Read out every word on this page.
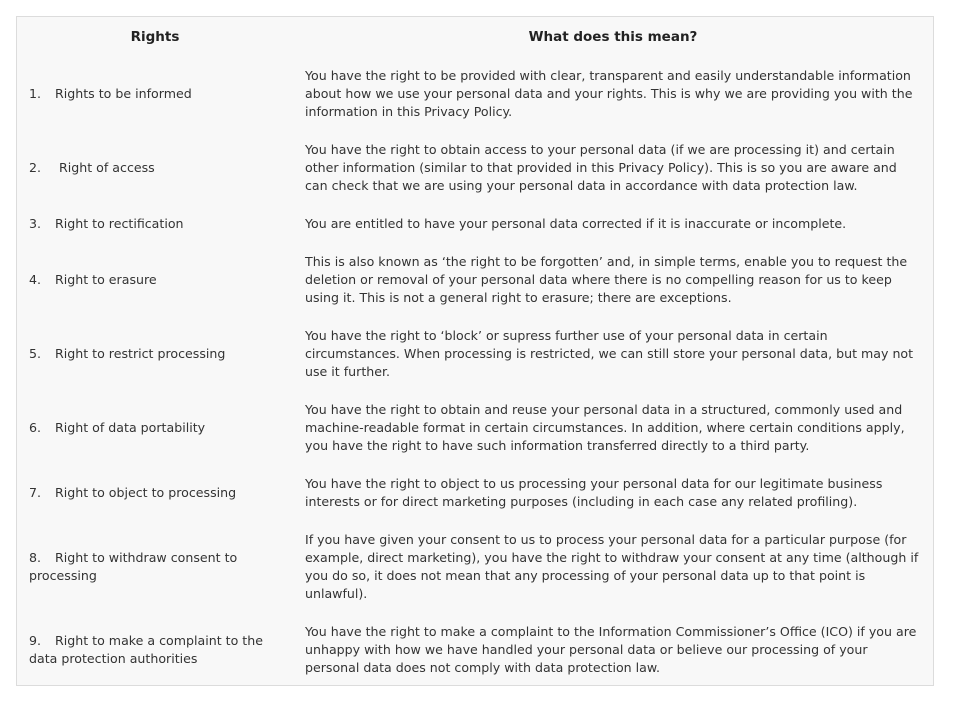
Rights	What does this mean?
1. Rights to be informed	You have the right to be provided with clear, transparent and easily understandable information about how we use your personal data and your rights. This is why we are providing you with the information in this Privacy Policy.
2. Right of access	You have the right to obtain access to your personal data (if we are processing it) and certain other information (similar to that provided in this Privacy Policy). This is so you are aware and can check that we are using your personal data in accordance with data protection law.
3. Right to rectification	You are entitled to have your personal data corrected if it is inaccurate or incomplete.
4. Right to erasure	This is also known as ‘the right to be forgotten’ and, in simple terms, enable you to request the deletion or removal of your personal data where there is no compelling reason for us to keep using it. This is not a general right to erasure; there are exceptions.
5. Right to restrict processing	You have the right to ‘block’ or supress further use of your personal data in certain circumstances. When processing is restricted, we can still store your personal data, but may not use it further.
6. Right of data portability	You have the right to obtain and reuse your personal data in a structured, commonly used and machine-readable format in certain circumstances. In addition, where certain conditions apply, you have the right to have such information transferred directly to a third party.
7. Right to object to processing	You have the right to object to us processing your personal data for our legitimate business interests or for direct marketing purposes (including in each case any related profiling).
8. Right to withdraw consent to processing	If you have given your consent to us to process your personal data for a particular purpose (for example, direct marketing), you have the right to withdraw your consent at any time (although if you do so, it does not mean that any processing of your personal data up to that point is unlawful).
9. Right to make a complaint to the data protection authorities	You have the right to make a complaint to the Information Commissioner’s Office (ICO) if you are unhappy with how we have handled your personal data or believe our processing of your personal data does not comply with data protection law.
